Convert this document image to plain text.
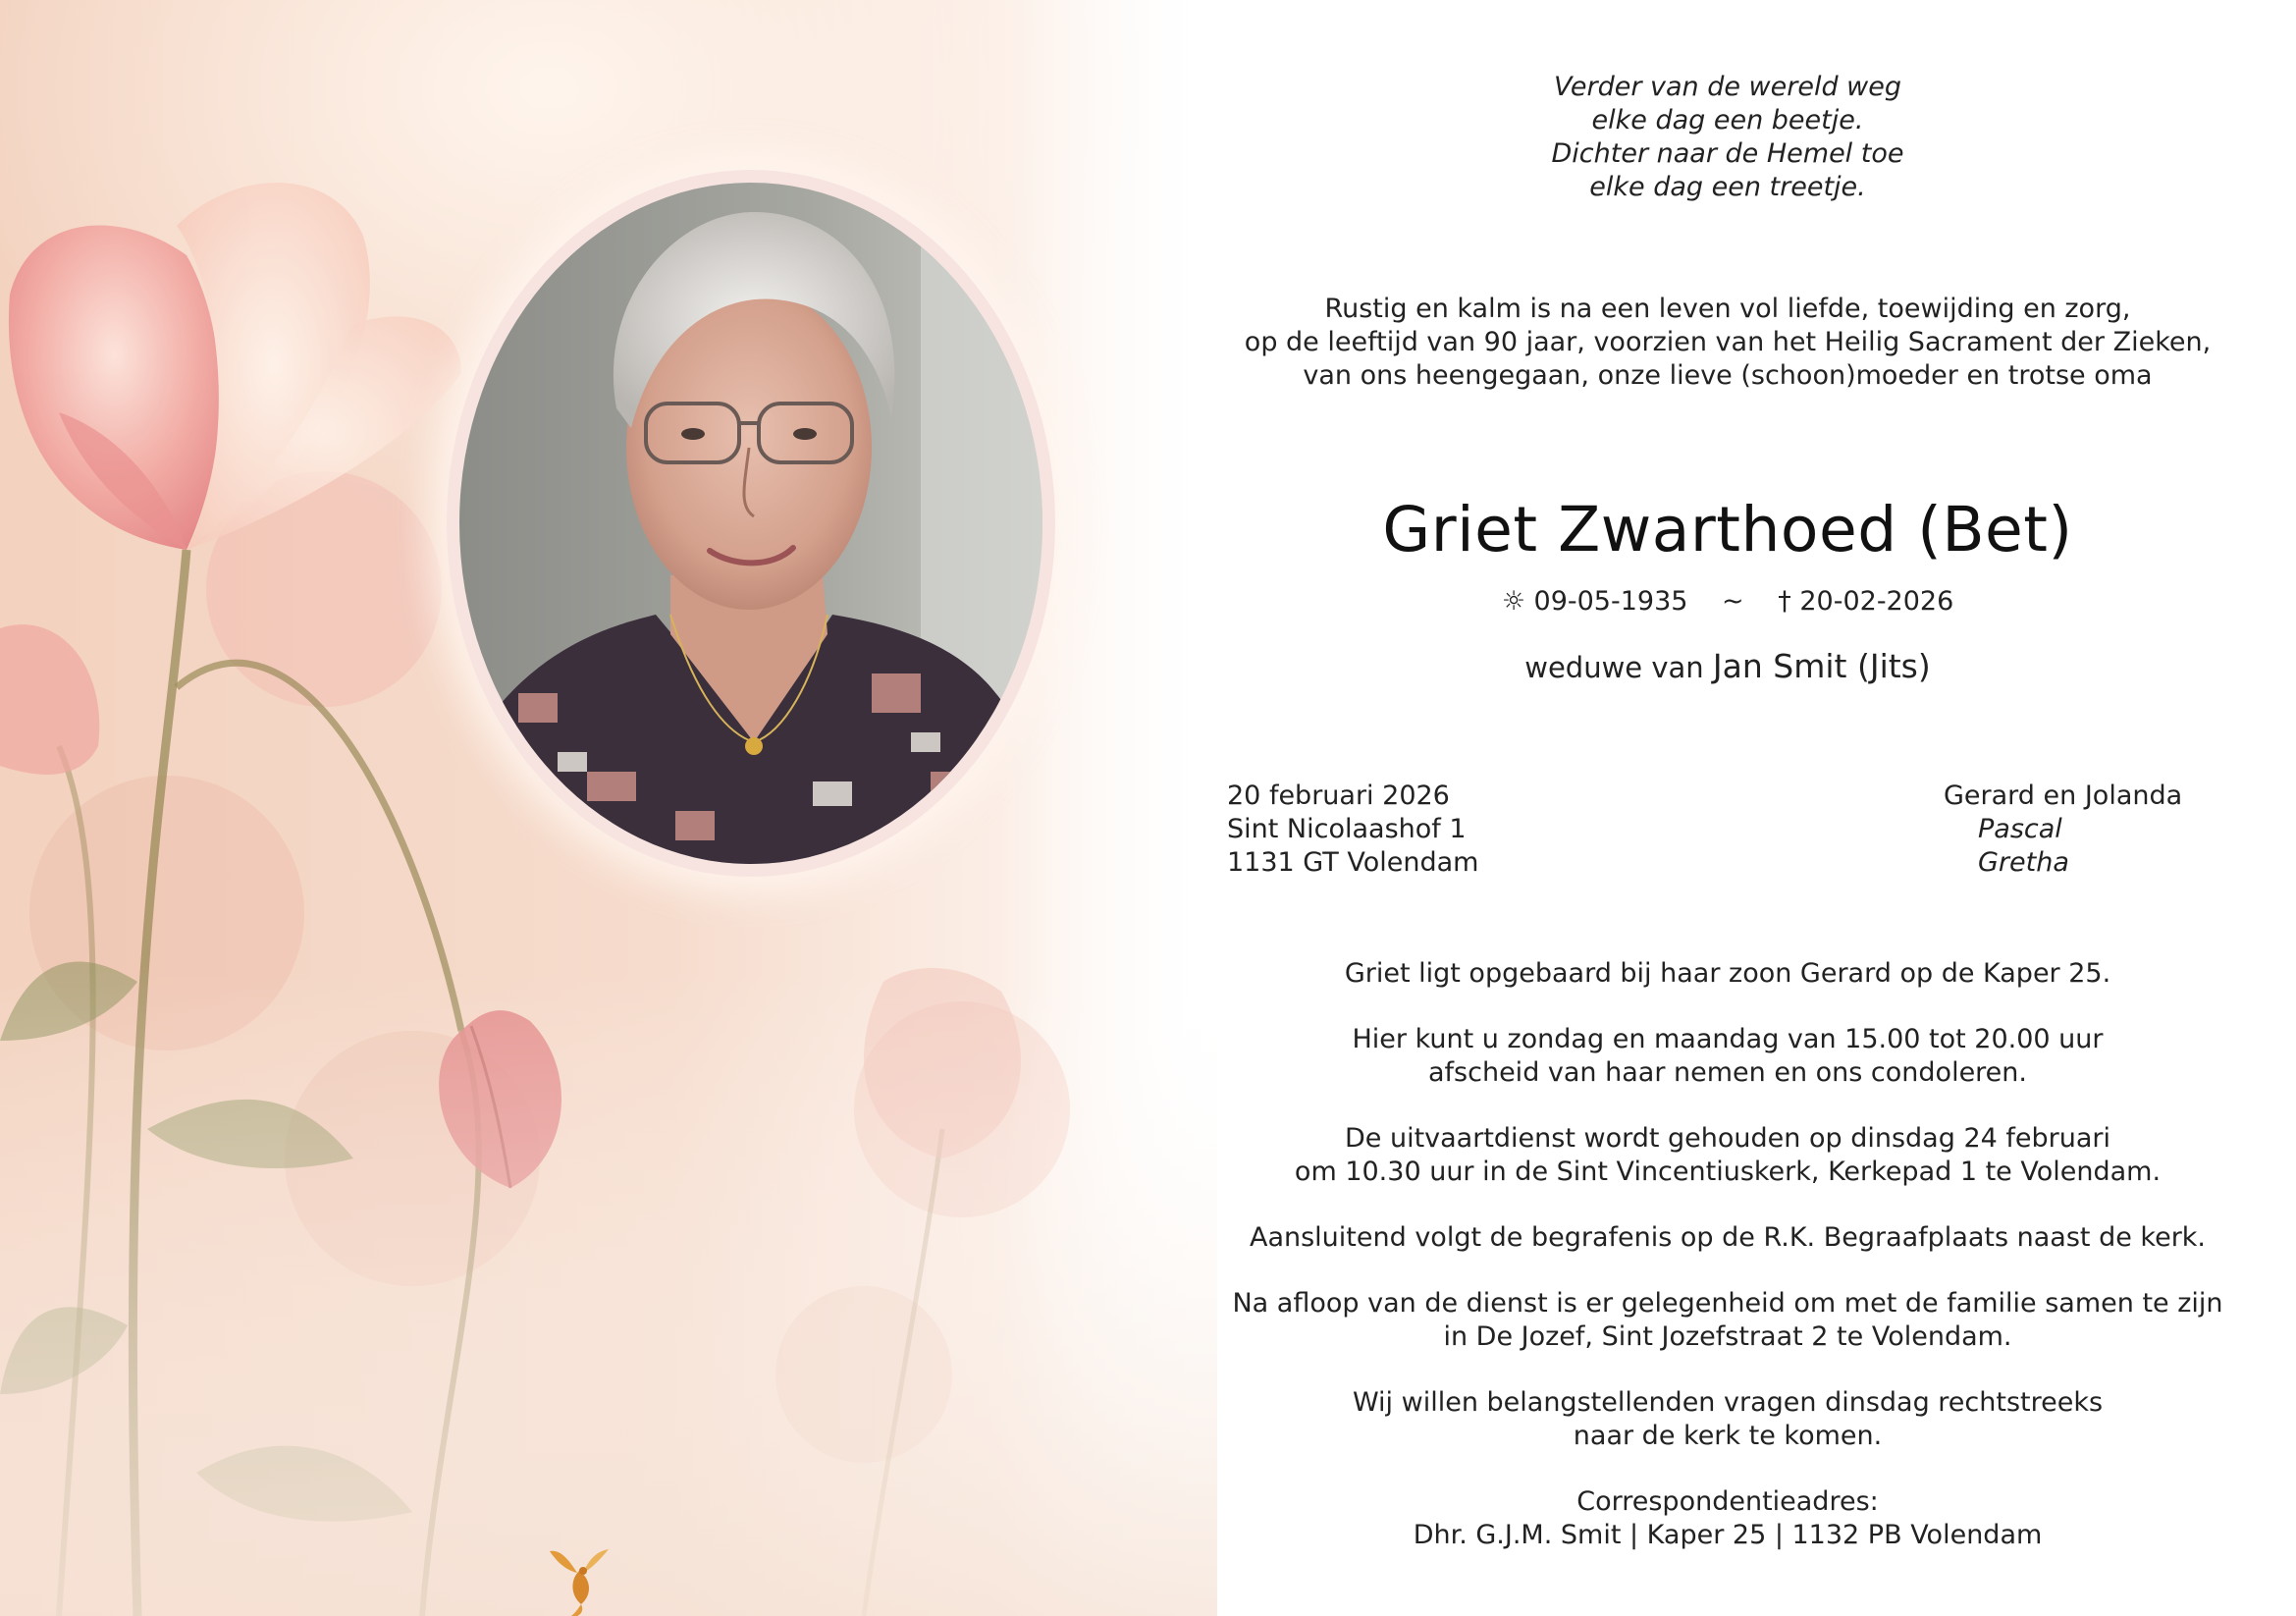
Verder van de wereld weg
elke dag een beetje.
Dichter naar de Hemel toe
elke dag een treetje.
Rustig en kalm is na een leven vol liefde, toewijding en zorg,
op de leeftijd van 90 jaar, voorzien van het Heilig Sacrament der Zieken,
van ons heengegaan, onze lieve (schoon)moeder en trotse oma
Griet Zwarthoed (Bet)
☼ 09-05-1935 ~ † 20-02-2026
weduwe van Jan Smit (Jits)
20 februari 2026
Sint Nicolaashof 1
1131 GT Volendam
Gerard en Jolanda
Pascal
Gretha

Griet ligt opgebaard bij haar zoon Gerard op de Kaper 25.

Hier kunt u zondag en maandag van 15.00 tot 20.00 uur
afscheid van haar nemen en ons condoleren.

De uitvaartdienst wordt gehouden op dinsdag 24 februari
om 10.30 uur in de Sint Vincentiuskerk, Kerkepad 1 te Volendam.

Aansluitend volgt de begrafenis op de R.K. Begraafplaats naast de kerk.

Na afloop van de dienst is er gelegenheid om met de familie samen te zijn
in De Jozef, Sint Jozefstraat 2 te Volendam.

Wij willen belangstellenden vragen dinsdag rechtstreeks
naar de kerk te komen.

Correspondentieadres:
Dhr. G.J.M. Smit | Kaper 25 | 1132 PB Volendam
